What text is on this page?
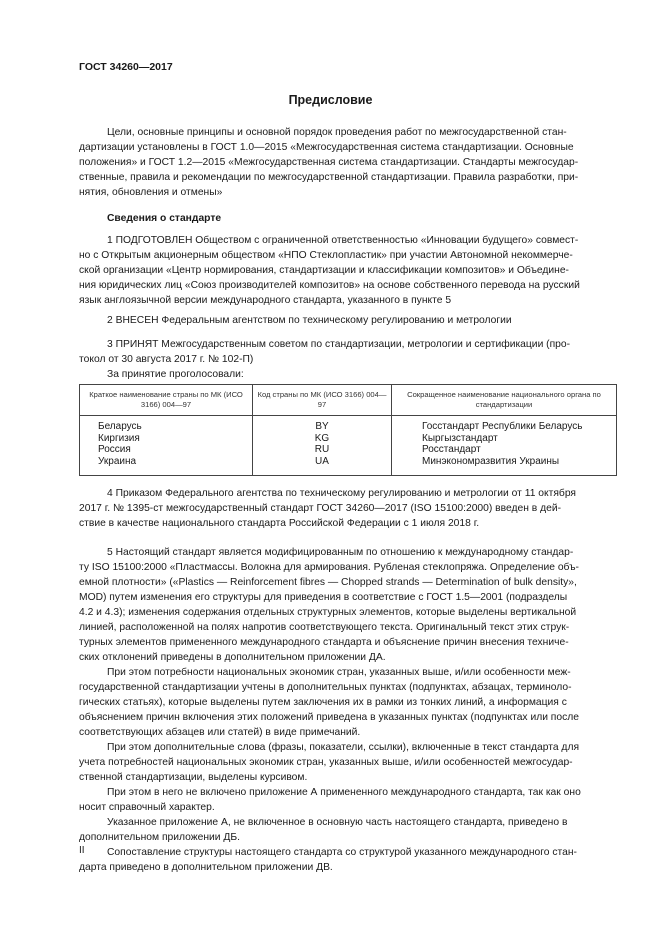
ГОСТ 34260—2017
Предисловие

Цели, основные принципы и основной порядок проведения работ по межгосударственной стан-

дартизации установлены в ГОСТ 1.0—2015 «Межгосударственная система стандартизации. Основные

положения» и ГОСТ 1.2—2015 «Межгосударственная система стандартизации. Стандарты межгосудар-

ственные, правила и рекомендации по межгосударственной стандартизации. Правила разработки, при-

нятия, обновления и отмены»

Сведения о стандарте

1 ПОДГОТОВЛЕН Обществом с ограниченной ответственностью «Инновации будущего» совмест-

но с Открытым акционерным обществом «НПО Стеклопластик» при участии Автономной некоммерче-

ской организации «Центр нормирования, стандартизации и классификации композитов» и Объедине-

ния юридических лиц «Союз производителей композитов» на основе собственного перевода на русский

язык англоязычной версии международного стандарта, указанного в пункте 5

2 ВНЕСЕН Федеральным агентством по техническому регулированию и метрологии

3 ПРИНЯТ Межгосударственным советом по стандартизации, метрологии и сертификации (про-

токол от 30 августа 2017 г. № 102-П)

За принятие проголосовали:

Краткое наименование страны по МК (ИСО 3166) 004—97	Код страны по МК (ИСО 3166) 004—97	Сокращенное наименование национального органа по стандартизации
Беларусь	BY	Госстандарт Республики Беларусь
Киргизия	KG	Кыргызстандарт
Россия	RU	Росстандарт
Украина	UA	Минэкономразвития Украины

4 Приказом Федерального агентства по техническому регулированию и метрологии от 11 октября

2017 г. № 1395-ст межгосударственный стандарт ГОСТ 34260—2017 (ISO 15100:2000) введен в дей-

ствие в качестве национального стандарта Российской Федерации с 1 июля 2018 г.

5 Настоящий стандарт является модифицированным по отношению к международному стандар-

ту ISO 15100:2000 «Пластмассы. Волокна для армирования. Рубленая стеклопряжа. Определение объ-

емной плотности» («Plastics — Reinforcement fibres — Chopped strands — Determination of bulk density»,

MOD) путем изменения его структуры для приведения в соответствие с ГОСТ 1.5—2001 (подразделы

4.2 и 4.3); изменения содержания отдельных структурных элементов, которые выделены вертикальной

линией, расположенной на полях напротив соответствующего текста. Оригинальный текст этих струк-

турных элементов примененного международного стандарта и объяснение причин внесения техниче-

ских отклонений приведены в дополнительном приложении ДА.

При этом потребности национальных экономик стран, указанных выше, и/или особенности меж-

государственной стандартизации учтены в дополнительных пунктах (подпунктах, абзацах, терминоло-

гических статьях), которые выделены путем заключения их в рамки из тонких линий, а информация с

объяснением причин включения этих положений приведена в указанных пунктах (подпунктах или после

соответствующих абзацев или статей) в виде примечаний.

При этом дополнительные слова (фразы, показатели, ссылки), включенные в текст стандарта для

учета потребностей национальных экономик стран, указанных выше, и/или особенностей межгосудар-

ственной стандартизации, выделены курсивом.

При этом в него не включено приложение А примененного международного стандарта, так как оно

носит справочный характер.

Указанное приложение А, не включенное в основную часть настоящего стандарта, приведено в

дополнительном приложении ДБ.

Сопоставление структуры настоящего стандарта со структурой указанного международного стан-

дарта приведено в дополнительном приложении ДВ.

II
